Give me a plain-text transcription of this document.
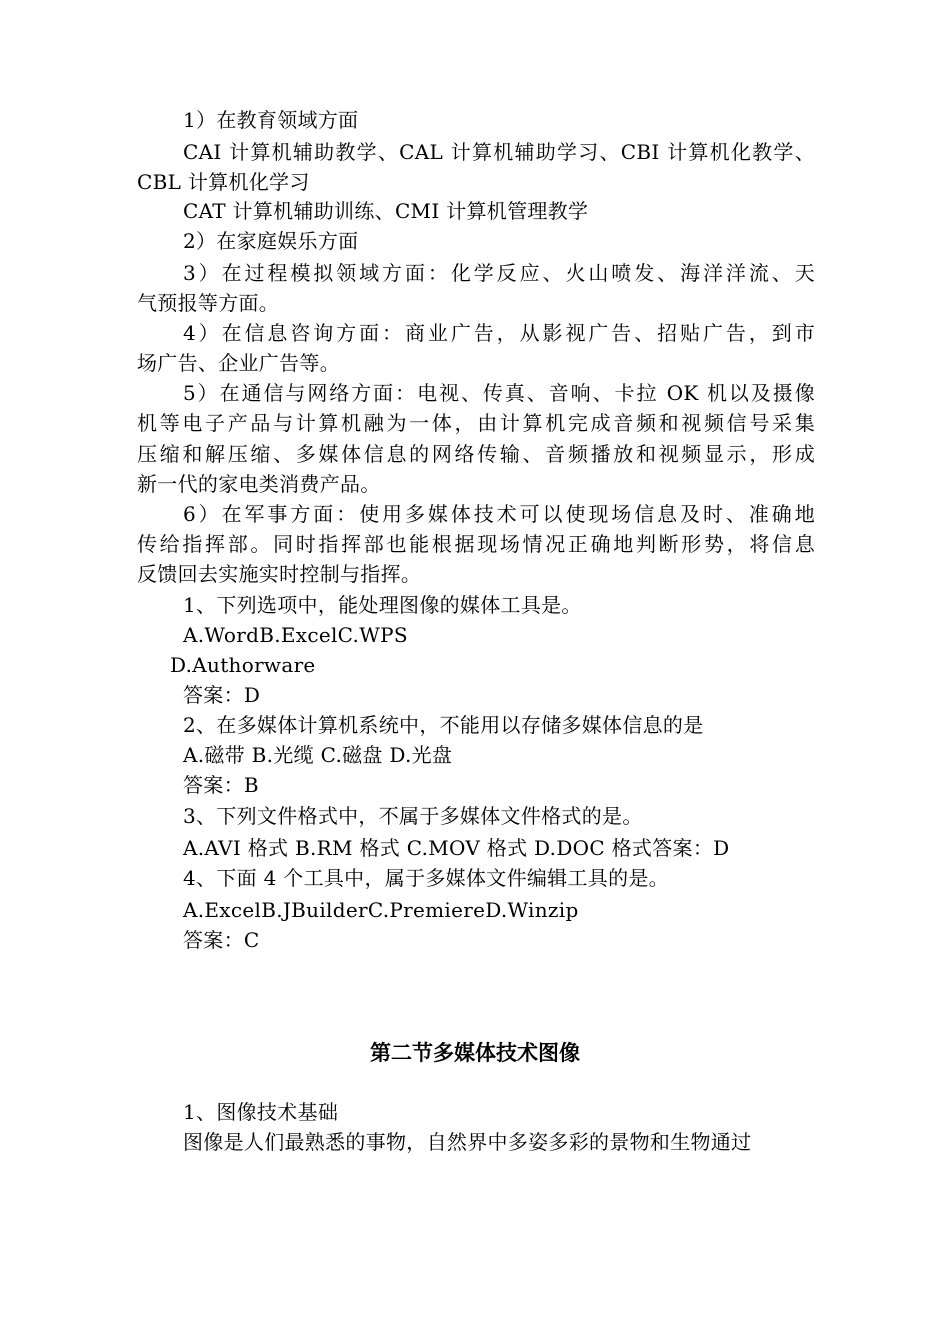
1）在教育领域方面
CAI 计算机辅助教学、CAL 计算机辅助学习、CBI 计算机化教学、
CBL 计算机化学习
CAT 计算机辅助训练、CMI 计算机管理教学
2）在家庭娱乐方面
3）在过程模拟领域方面：化学反应、火山喷发、海洋洋流、天
气预报等方面。
4）在信息咨询方面：商业广告，从影视广告、招贴广告，到市
场广告、企业广告等。
5）在通信与网络方面：电视、传真、音响、卡拉 OK 机以及摄像
机等电子产品与计算机融为一体，由计算机完成音频和视频信号采集
压缩和解压缩、多媒体信息的网络传输、音频播放和视频显示，形成
新一代的家电类消费产品。
6）在军事方面：使用多媒体技术可以使现场信息及时、准确地
传给指挥部。同时指挥部也能根据现场情况正确地判断形势，将信息
反馈回去实施实时控制与指挥。
1、下列选项中，能处理图像的媒体工具是。
A.WordB.ExcelC.WPS
D.Authorware
答案：D
2、在多媒体计算机系统中，不能用以存储多媒体信息的是
A.磁带 B.光缆 C.磁盘 D.光盘
答案：B
3、下列文件格式中，不属于多媒体文件格式的是。
A.AVI 格式 B.RM 格式 C.MOV 格式 D.DOC 格式答案：D
4、下面 4 个工具中，属于多媒体文件编辑工具的是。
A.ExcelB.JBuilderC.PremiereD.Winzip
答案：C
第二节多媒体技术图像
1、图像技术基础
图像是人们最熟悉的事物，自然界中多姿多彩的景物和生物通过
